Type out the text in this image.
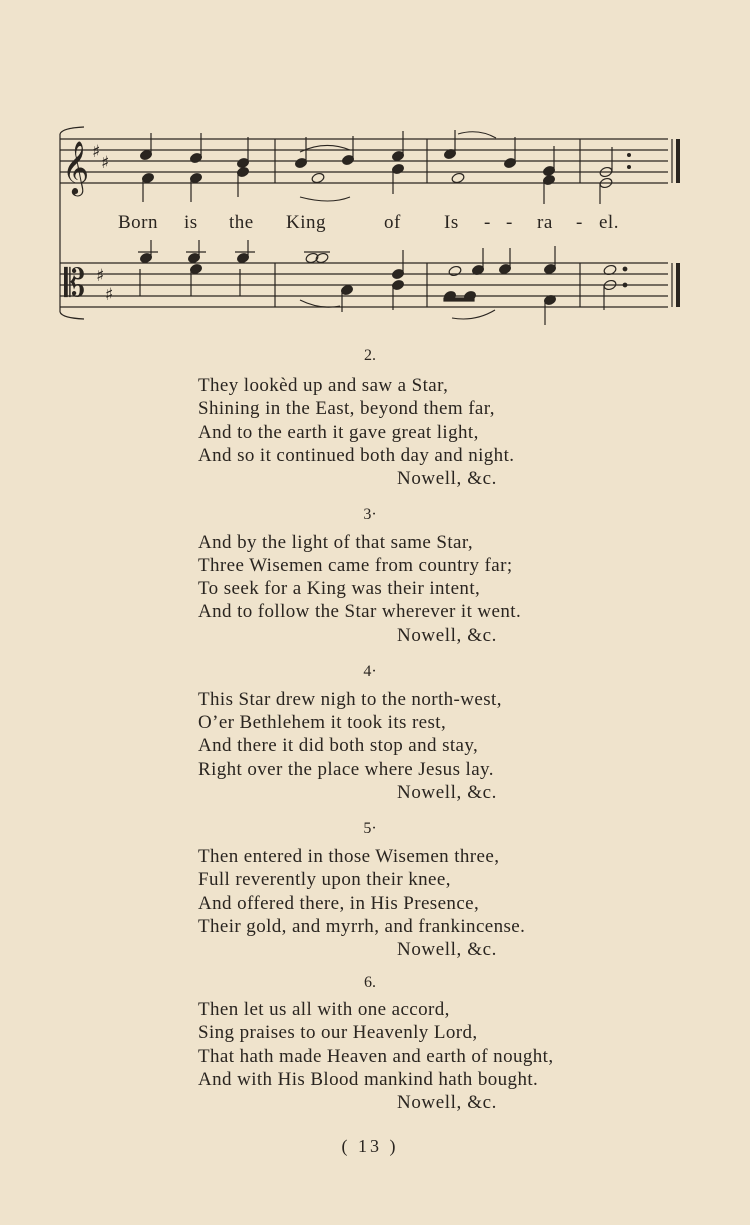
𝄞 ♯
♯
𝄡 ♯
♯
Born is the King	of Is - - ra - el.
2.
They lookèd up and saw a Star,
Shining in the East, beyond them far,
And to the earth it gave great light,
And so it continued both day and night.
Nowell, &c.
3·
And by the light of that same Star,
Three Wisemen came from country far;
To seek for a King was their intent,
And to follow the Star wherever it went.
Nowell, &c.
4·
This Star drew nigh to the north-west,
O’er Bethlehem it took its rest,
And there it did both stop and stay,
Right over the place where Jesus lay.
Nowell, &c.
5·
Then entered in those Wisemen three,
Full reverently upon their knee,
And offered there, in His Presence,
Their gold, and myrrh, and frankincense.
Nowell, &c.
6.
Then let us all with one accord,
Sing praises to our Heavenly Lord,
That hath made Heaven and earth of nought,
And with His Blood mankind hath bought.
Nowell, &c.
( 13 )
